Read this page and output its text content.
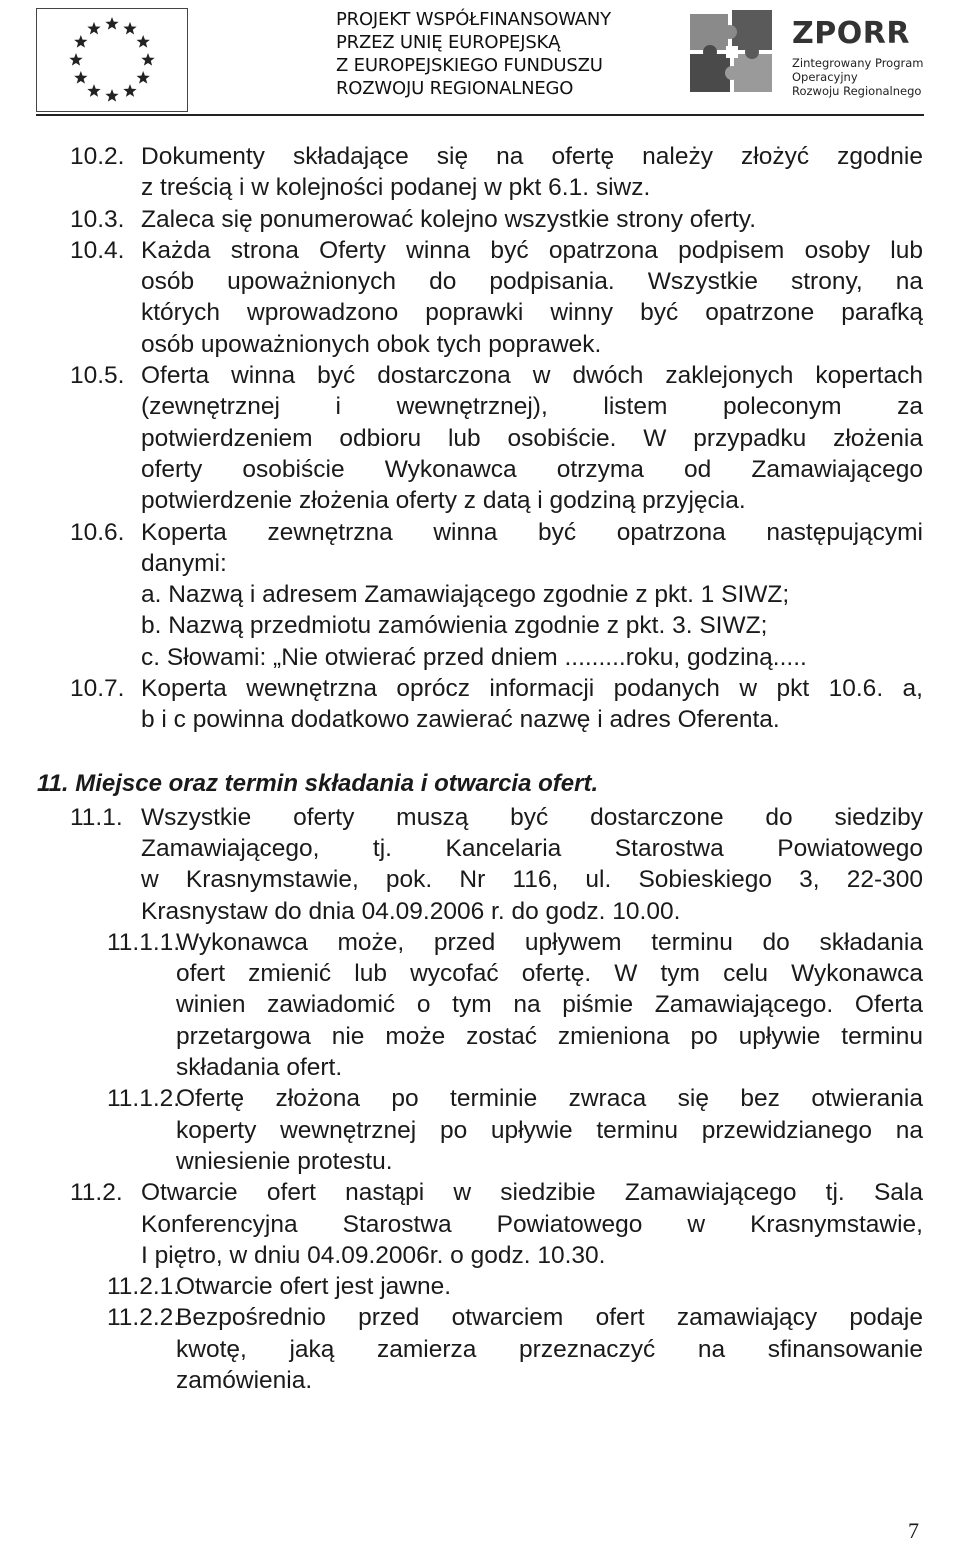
PROJEKT WSPÓŁFINANSOWANY
PRZEZ UNIĘ EUROPEJSKĄ
Z EUROPEJSKIEGO FUNDUSZU
ROZWOJU REGIONALNEGO
ZPORR
Zintegrowany Program
Operacyjny
Rozwoju Regionalnego
10.2. Dokumenty składające się na ofertę należy złożyć zgodnie
z treścią i w kolejności podanej w pkt 6.1. siwz.
10.3. Zaleca się ponumerować kolejno wszystkie strony oferty.
10.4. Każda strona Oferty winna być opatrzona podpisem osoby lub
osób upoważnionych do podpisania. Wszystkie strony, na
których wprowadzono poprawki winny być opatrzone parafką
osób upoważnionych obok tych poprawek.
10.5. Oferta winna być dostarczona w dwóch zaklejonych kopertach
(zewnętrznej i wewnętrznej), listem poleconym za
potwierdzeniem odbioru lub osobiście. W przypadku złożenia
oferty osobiście Wykonawca otrzyma od Zamawiającego
potwierdzenie złożenia oferty z datą i godziną przyjęcia.
10.6. Koperta zewnętrzna winna być opatrzona następującymi
danymi:
a. Nazwą i adresem Zamawiającego zgodnie z pkt. 1 SIWZ;
b. Nazwą przedmiotu zamówienia zgodnie z pkt. 3. SIWZ;
c. Słowami: „Nie otwierać przed dniem .........roku, godziną.....
10.7. Koperta wewnętrzna oprócz informacji podanych w pkt 10.6. a,
b i c powinna dodatkowo zawierać nazwę i adres Oferenta.
11. Miejsce oraz termin składania i otwarcia ofert.
11.1. Wszystkie oferty muszą być dostarczone do siedziby
Zamawiającego, tj. Kancelaria Starostwa Powiatowego
w Krasnymstawie, pok. Nr 116, ul. Sobieskiego 3, 22-300
Krasnystaw do dnia 04.09.2006 r. do godz. 10.00.
11.1.1.
Wykonawca może, przed upływem terminu do składania
ofert zmienić lub wycofać ofertę. W tym celu Wykonawca
winien zawiadomić o tym na piśmie Zamawiającego. Oferta
przetargowa nie może zostać zmieniona po upływie terminu
składania ofert.
11.1.2.
Ofertę złożona po terminie zwraca się bez otwierania
koperty wewnętrznej po upływie terminu przewidzianego na
wniesienie protestu.
11.2. Otwarcie ofert nastąpi w siedzibie Zamawiającego tj. Sala
Konferencyjna Starostwa Powiatowego w Krasnymstawie,
I piętro, w dniu 04.09.2006r. o godz. 10.30.
11.2.1.
Otwarcie ofert jest jawne.
11.2.2.
Bezpośrednio przed otwarciem ofert zamawiający podaje
kwotę, jaką zamierza przeznaczyć na sfinansowanie
zamówienia.
7
